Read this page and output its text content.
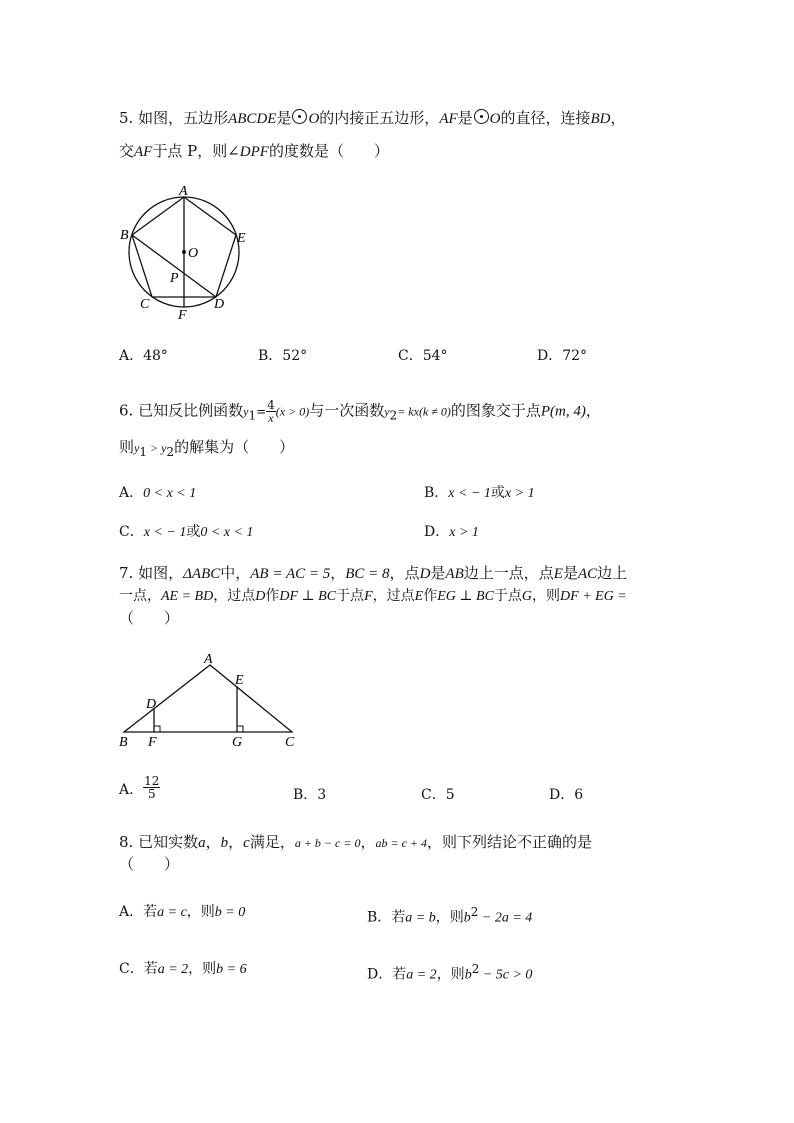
5. 如图，五边形ABCDE是 O的内接正五边形，AF是 O的直径，连接BD，
交AF于点 P，则∠DPF的度数是（　　）
A
B	E
O
P
C	D
F
A．48°	B．52°	C．54°	D．72°
6. 已知反比例函数$y_1= \frac{4}{x} (x > 0)$与一次函数$y_2= kx(k \ne 0)$的图象交于点P(m, 4)，
则$y_1 > y_2$的解集为（　　）
A．0 < x < 1	B．x < − 1或x > 1
C．x < − 1或0 < x < 1	D．x > 1
7. 如图，ΔABC中，AB = AC = 5，BC = 8，点D是AB边上一点，点E是AC边上
一点，AE = BD，过点D作DF ⊥ BC于点F，过点E作EG ⊥ BC于点G，则DF + EG =
（　　）
A
E
D
B F	G	C
A． $\frac{12}{5}$	B．3	C．5	D．6
8. 已知实数a，b，c满足，a + b − c = 0，ab = c + 4，则下列结论不正确的是
（　　）
A．若a = c，则b = 0	B．若a = b，则$b^2 - 2a = 4$
C．若a = 2，则b = 6	D．若a = 2，则$b^2 - 5c > 0$
